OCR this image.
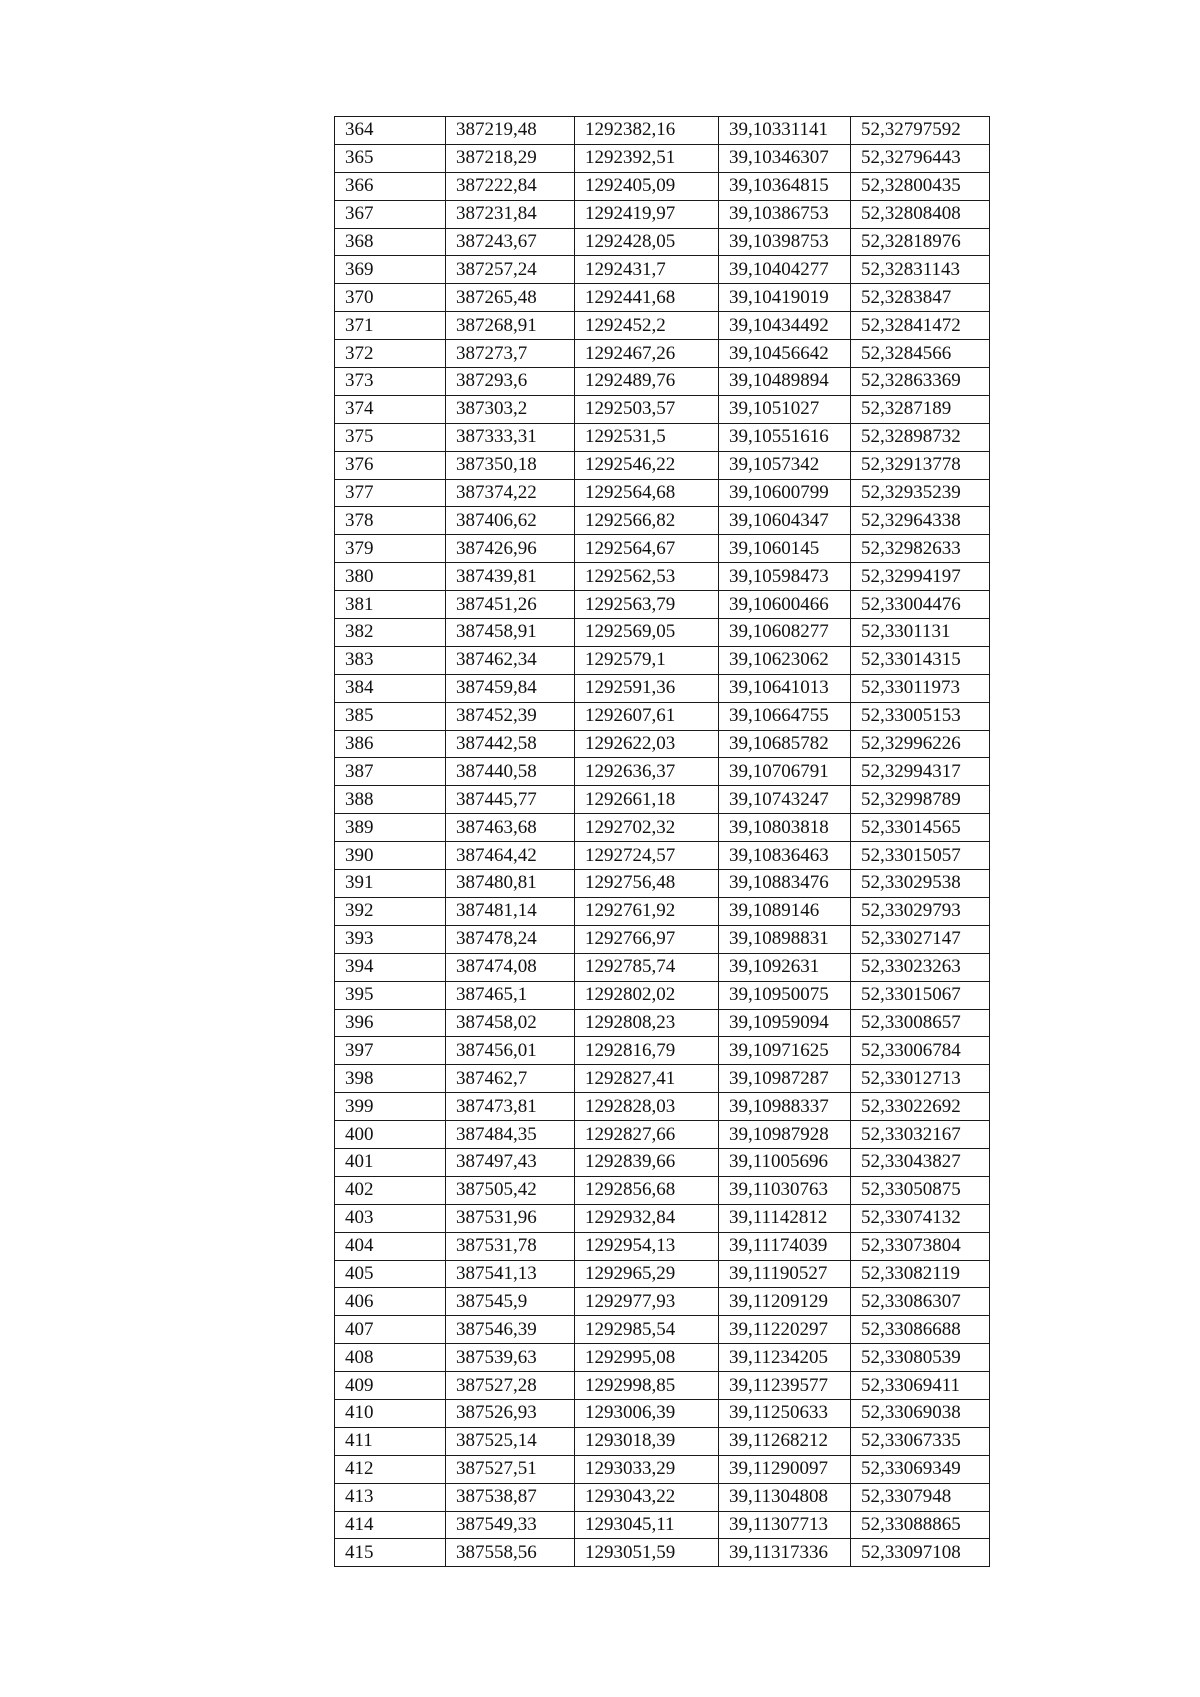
364	387219,48	1292382,16	39,10331141	52,32797592
365	387218,29	1292392,51	39,10346307	52,32796443
366	387222,84	1292405,09	39,10364815	52,32800435
367	387231,84	1292419,97	39,10386753	52,32808408
368	387243,67	1292428,05	39,10398753	52,32818976
369	387257,24	1292431,7	39,10404277	52,32831143
370	387265,48	1292441,68	39,10419019	52,3283847
371	387268,91	1292452,2	39,10434492	52,32841472
372	387273,7	1292467,26	39,10456642	52,3284566
373	387293,6	1292489,76	39,10489894	52,32863369
374	387303,2	1292503,57	39,1051027	52,3287189
375	387333,31	1292531,5	39,10551616	52,32898732
376	387350,18	1292546,22	39,1057342	52,32913778
377	387374,22	1292564,68	39,10600799	52,32935239
378	387406,62	1292566,82	39,10604347	52,32964338
379	387426,96	1292564,67	39,1060145	52,32982633
380	387439,81	1292562,53	39,10598473	52,32994197
381	387451,26	1292563,79	39,10600466	52,33004476
382	387458,91	1292569,05	39,10608277	52,3301131
383	387462,34	1292579,1	39,10623062	52,33014315
384	387459,84	1292591,36	39,10641013	52,33011973
385	387452,39	1292607,61	39,10664755	52,33005153
386	387442,58	1292622,03	39,10685782	52,32996226
387	387440,58	1292636,37	39,10706791	52,32994317
388	387445,77	1292661,18	39,10743247	52,32998789
389	387463,68	1292702,32	39,10803818	52,33014565
390	387464,42	1292724,57	39,10836463	52,33015057
391	387480,81	1292756,48	39,10883476	52,33029538
392	387481,14	1292761,92	39,1089146	52,33029793
393	387478,24	1292766,97	39,10898831	52,33027147
394	387474,08	1292785,74	39,1092631	52,33023263
395	387465,1	1292802,02	39,10950075	52,33015067
396	387458,02	1292808,23	39,10959094	52,33008657
397	387456,01	1292816,79	39,10971625	52,33006784
398	387462,7	1292827,41	39,10987287	52,33012713
399	387473,81	1292828,03	39,10988337	52,33022692
400	387484,35	1292827,66	39,10987928	52,33032167
401	387497,43	1292839,66	39,11005696	52,33043827
402	387505,42	1292856,68	39,11030763	52,33050875
403	387531,96	1292932,84	39,11142812	52,33074132
404	387531,78	1292954,13	39,11174039	52,33073804
405	387541,13	1292965,29	39,11190527	52,33082119
406	387545,9	1292977,93	39,11209129	52,33086307
407	387546,39	1292985,54	39,11220297	52,33086688
408	387539,63	1292995,08	39,11234205	52,33080539
409	387527,28	1292998,85	39,11239577	52,33069411
410	387526,93	1293006,39	39,11250633	52,33069038
411	387525,14	1293018,39	39,11268212	52,33067335
412	387527,51	1293033,29	39,11290097	52,33069349
413	387538,87	1293043,22	39,11304808	52,3307948
414	387549,33	1293045,11	39,11307713	52,33088865
415	387558,56	1293051,59	39,11317336	52,33097108
